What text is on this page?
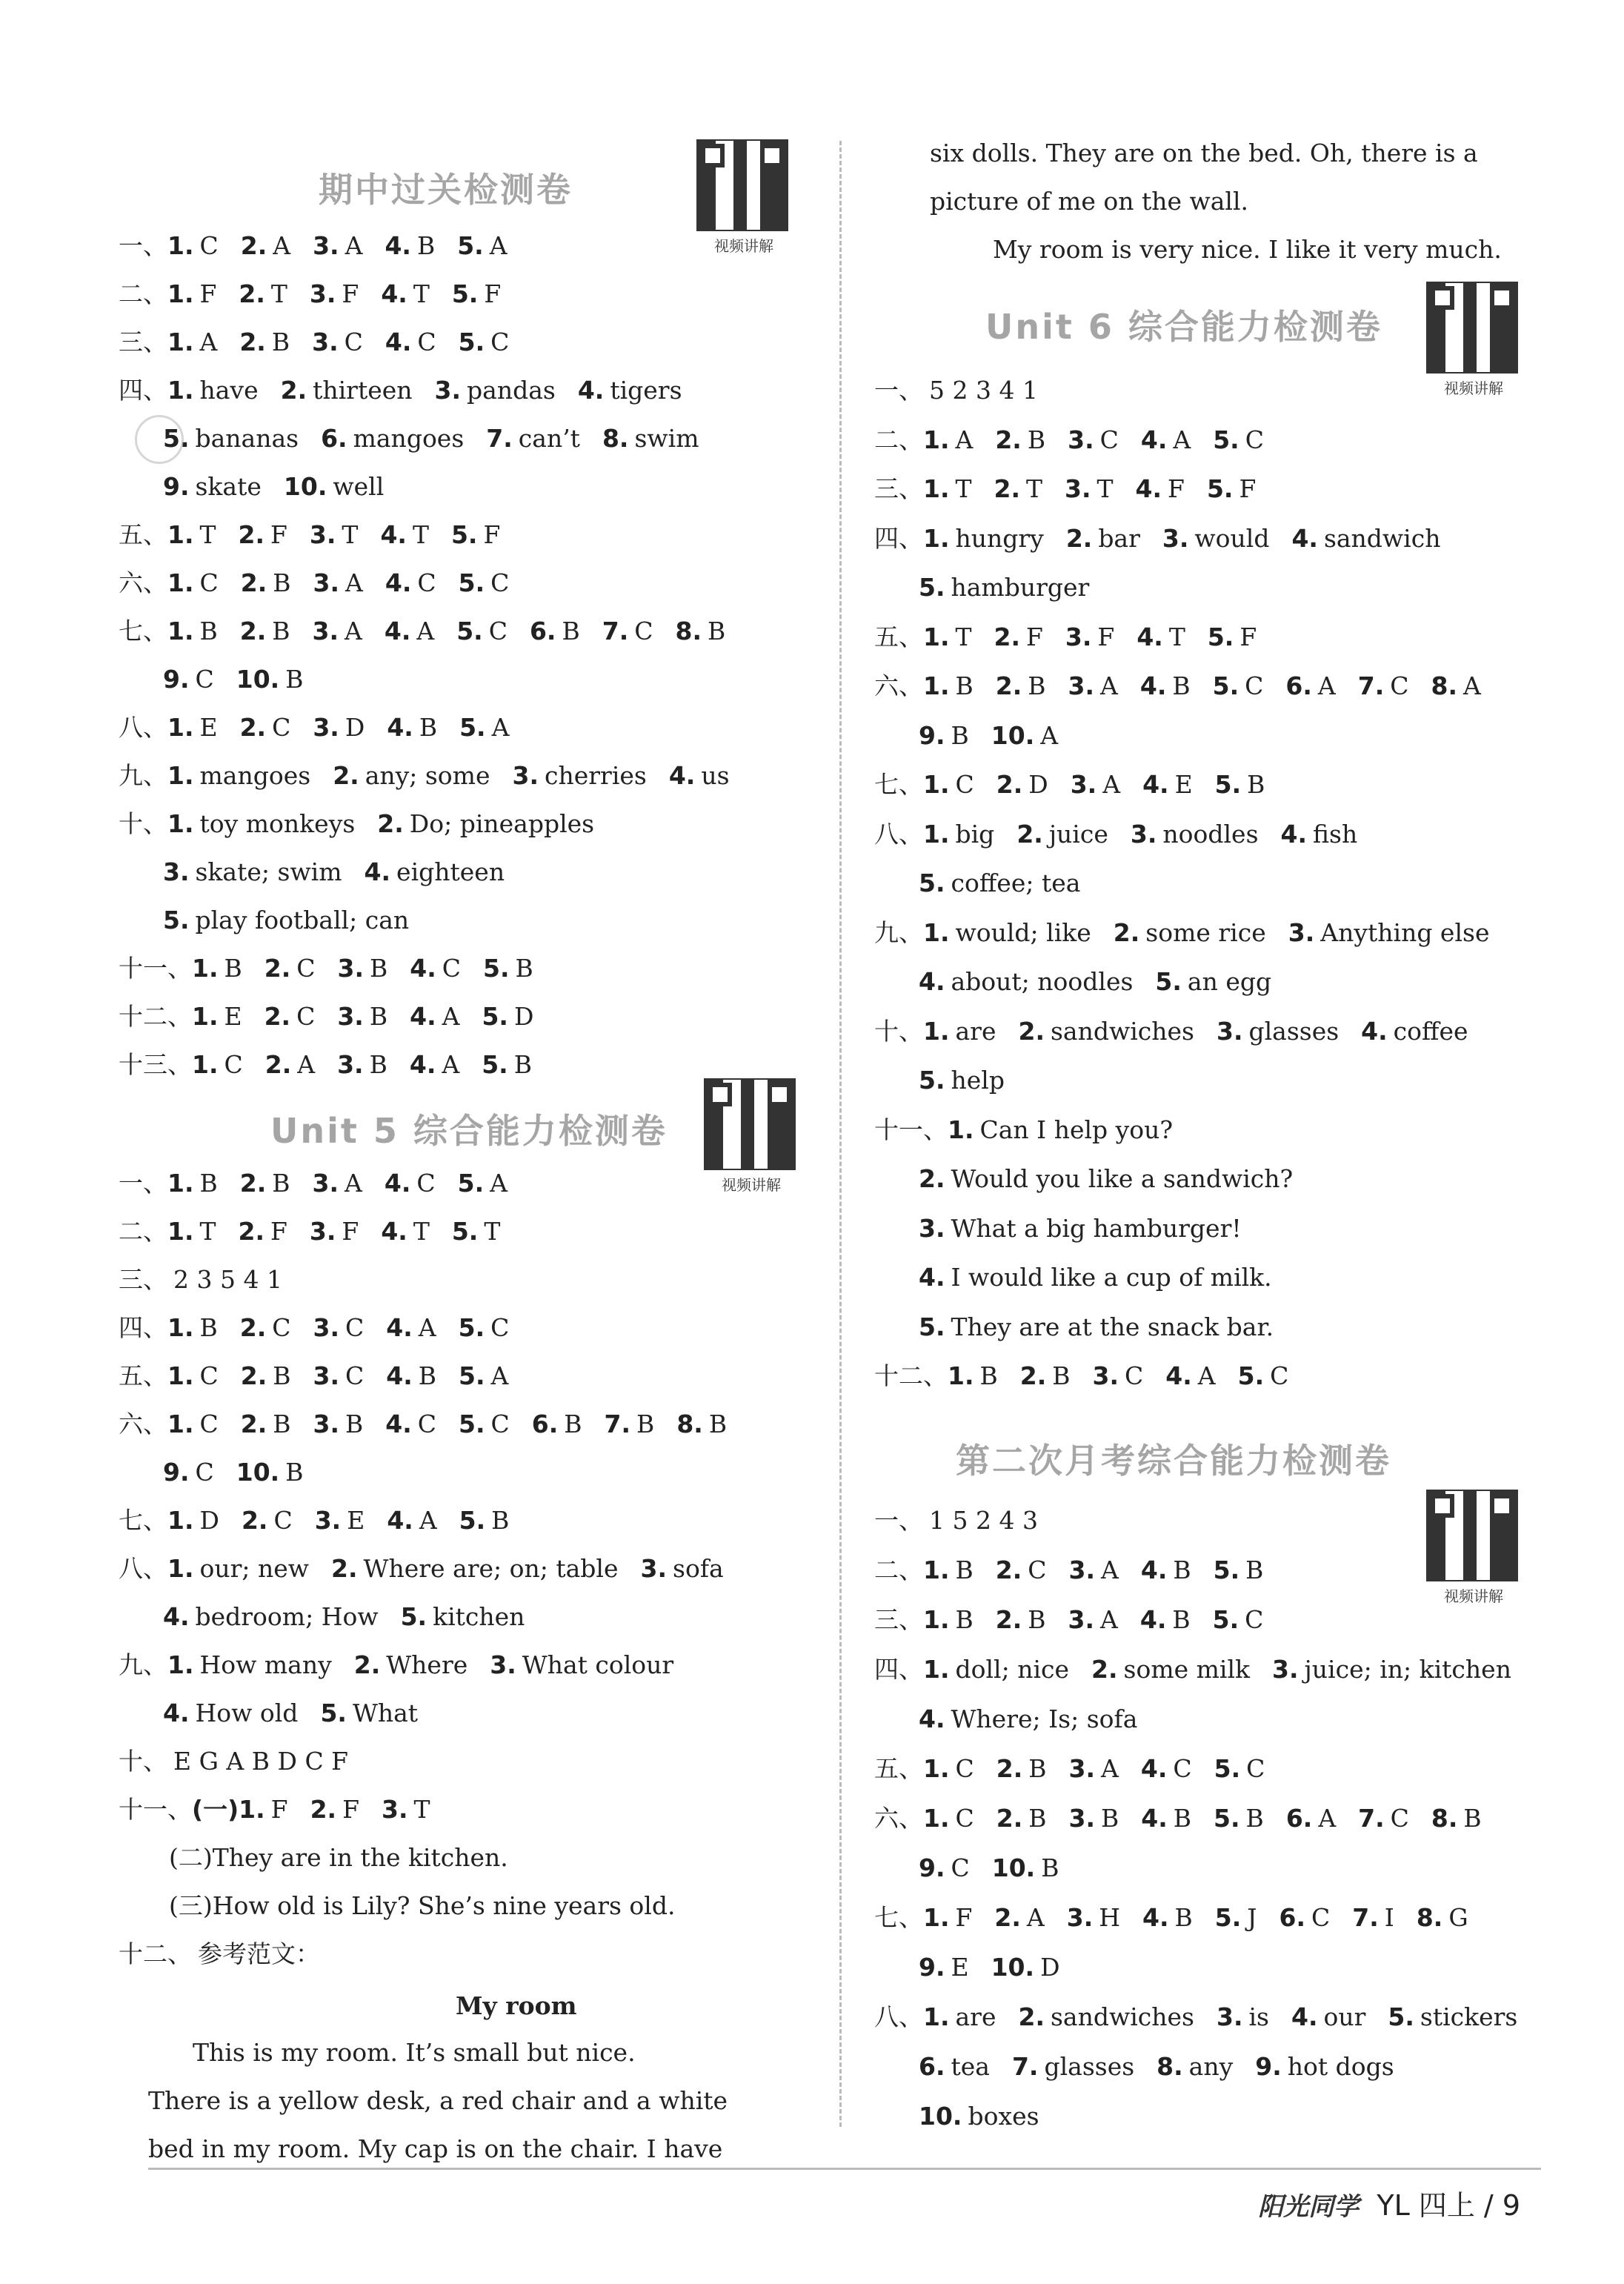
期中过关检测卷
视频讲解
一、1. C 2. A 3. A 4. B 5. A
二、1. F 2. T 3. F 4. T 5. F
三、1. A 2. B 3. C 4. C 5. C
四、1. have 2. thirteen 3. pandas 4. tigers
5. bananas 6. mangoes 7. can’t 8. swim
9. skate 10. well
五、1. T 2. F 3. T 4. T 5. F
六、1. C 2. B 3. A 4. C 5. C
七、1. B 2. B 3. A 4. A 5. C 6. B 7. C 8. B
9. C 10. B
八、1. E 2. C 3. D 4. B 5. A
九、1. mangoes 2. any; some 3. cherries 4. us
十、1. toy monkeys 2. Do; pineapples
3. skate; swim 4. eighteen
5. play football; can
十一、1. B 2. C 3. B 4. C 5. B
十二、1. E 2. C 3. B 4. A 5. D
十三、1. C 2. A 3. B 4. A 5. B
Unit 5 综合能力检测卷
视频讲解
一、1. B 2. B 3. A 4. C 5. A
二、1. T 2. F 3. F 4. T 5. T
三、 2 3 5 4 1
四、1. B 2. C 3. C 4. A 5. C
五、1. C 2. B 3. C 4. B 5. A
六、1. C 2. B 3. B 4. C 5. C 6. B 7. B 8. B
9. C 10. B
七、1. D 2. C 3. E 4. A 5. B
八、1. our; new 2. Where are; on; table 3. sofa
4. bedroom; How 5. kitchen
九、1. How many 2. Where 3. What colour
4. How old 5. What
十、 E G A B D C F
十一、(一)1. F 2. F 3. T
(二)They are in the kitchen.
(三)How old is Lily? She’s nine years old.
十二、 参考范文：
My room
This is my room. It’s small but nice.
There is a yellow desk, a red chair and a white
bed in my room. My cap is on the chair. I have
six dolls. They are on the bed. Oh, there is a
picture of me on the wall.
My room is very nice. I like it very much.
Unit 6 综合能力检测卷
视频讲解
一、 5 2 3 4 1
二、1. A 2. B 3. C 4. A 5. C
三、1. T 2. T 3. T 4. F 5. F
四、1. hungry 2. bar 3. would 4. sandwich
5. hamburger
五、1. T 2. F 3. F 4. T 5. F
六、1. B 2. B 3. A 4. B 5. C 6. A 7. C 8. A
9. B 10. A
七、1. C 2. D 3. A 4. E 5. B
八、1. big 2. juice 3. noodles 4. fish
5. coffee; tea
九、1. would; like 2. some rice 3. Anything else
4. about; noodles 5. an egg
十、1. are 2. sandwiches 3. glasses 4. coffee
5. help
十一、1. Can I help you?
2. Would you like a sandwich?
3. What a big hamburger!
4. I would like a cup of milk.
5. They are at the snack bar.
十二、1. B 2. B 3. C 4. A 5. C
第二次月考综合能力检测卷
视频讲解
一、 1 5 2 4 3
二、1. B 2. C 3. A 4. B 5. B
三、1. B 2. B 3. A 4. B 5. C
四、1. doll; nice 2. some milk 3. juice; in; kitchen
4. Where; Is; sofa
五、1. C 2. B 3. A 4. C 5. C
六、1. C 2. B 3. B 4. B 5. B 6. A 7. C 8. B
9. C 10. B
七、1. F 2. A 3. H 4. B 5. J 6. C 7. I 8. G
9. E 10. D
八、1. are 2. sandwiches 3. is 4. our 5. stickers
6. tea 7. glasses 8. any 9. hot dogs
10. boxes
阳光同学 YL 四上 / 9
